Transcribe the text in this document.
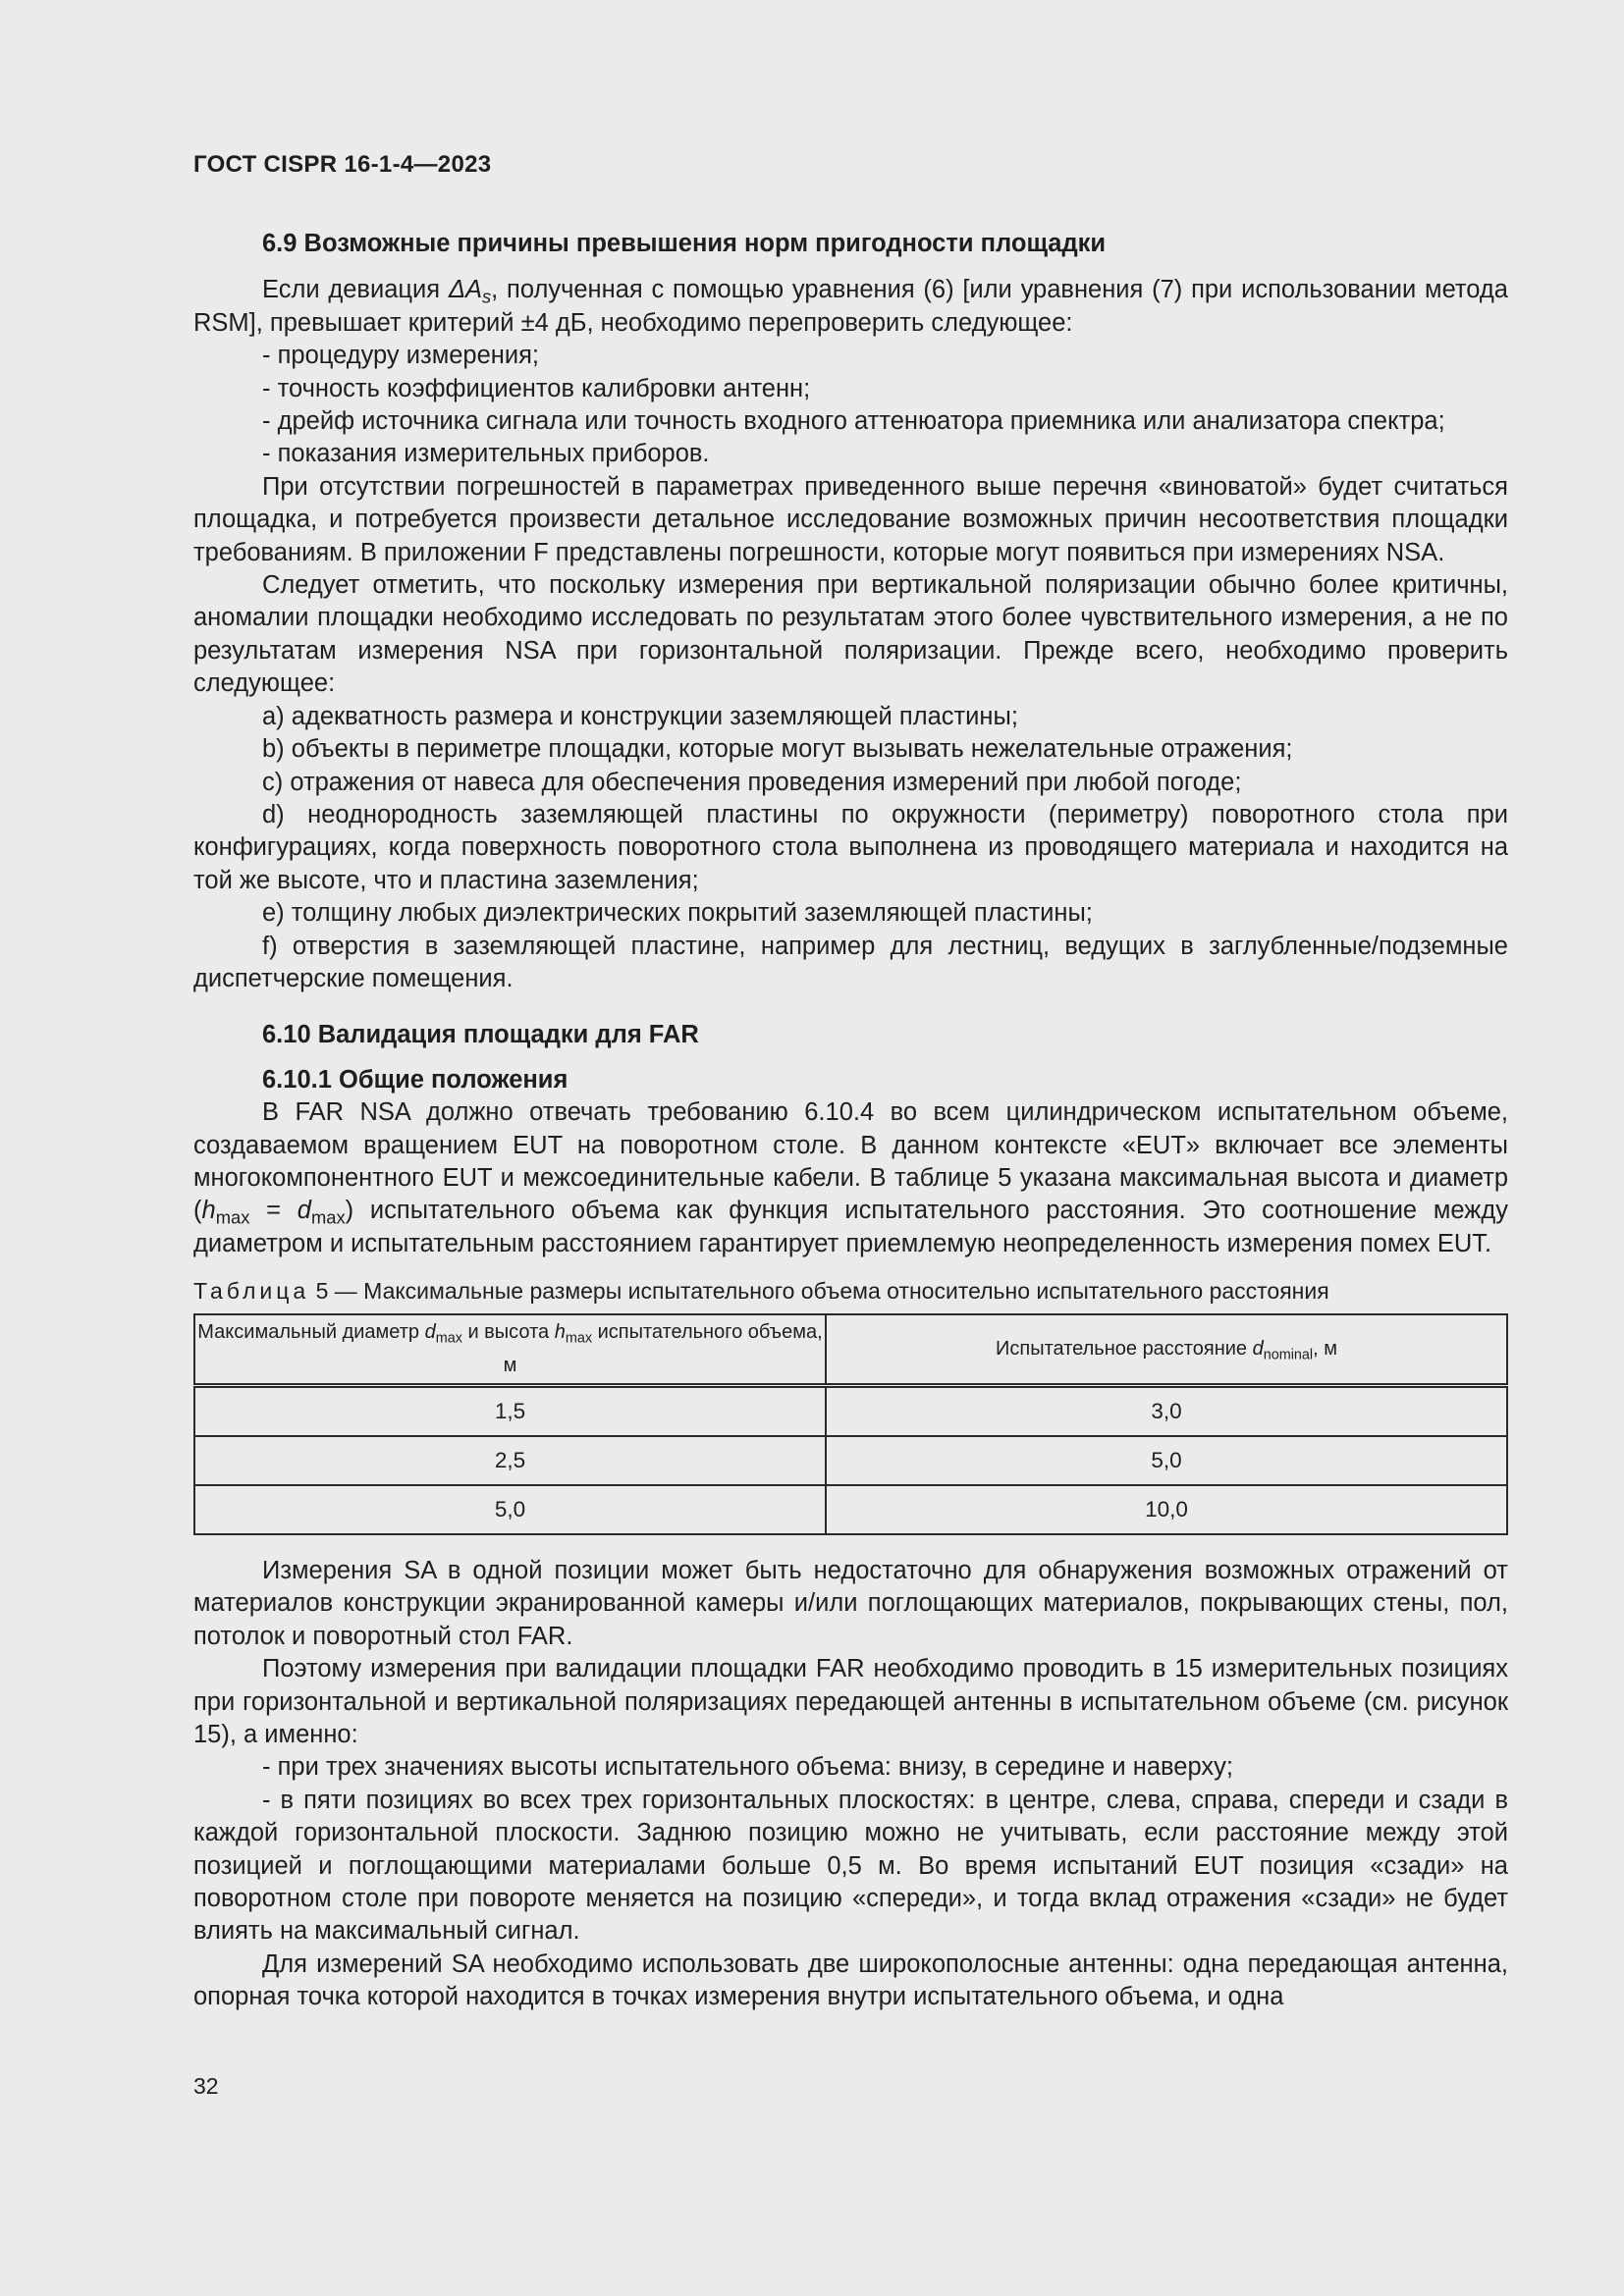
ГОСТ CISPR 16-1-4—2023
6.9 Возможные причины превышения норм пригодности площадки

Если девиация $\Delta A_s$, полученная с помощью уравнения (6) [или уравнения (7) при использовании метода RSM], превышает критерий ±4 дБ, необходимо перепроверить следующее:

- процедуру измерения;

- точность коэффициентов калибровки антенн;

- дрейф источника сигнала или точность входного аттенюатора приемника или анализатора спектра;

- показания измерительных приборов.

При отсутствии погрешностей в параметрах приведенного выше перечня «виноватой» будет считаться площадка, и потребуется произвести детальное исследование возможных причин несоответствия площадки требованиям. В приложении F представлены погрешности, которые могут появиться при измерениях NSA.

Следует отметить, что поскольку измерения при вертикальной поляризации обычно более критичны, аномалии площадки необходимо исследовать по результатам этого более чувствительного измерения, а не по результатам измерения NSA при горизонтальной поляризации. Прежде всего, необходимо проверить следующее:

a) адекватность размера и конструкции заземляющей пластины;

b) объекты в периметре площадки, которые могут вызывать нежелательные отражения;

c) отражения от навеса для обеспечения проведения измерений при любой погоде;

d) неоднородность заземляющей пластины по окружности (периметру) поворотного стола при конфигурациях, когда поверхность поворотного стола выполнена из проводящего материала и находится на той же высоте, что и пластина заземления;

e) толщину любых диэлектрических покрытий заземляющей пластины;

f) отверстия в заземляющей пластине, например для лестниц, ведущих в заглубленные/подземные диспетчерские помещения.

6.10 Валидация площадки для FAR
6.10.1 Общие положения

В FAR NSA должно отвечать требованию 6.10.4 во всем цилиндрическом испытательном объеме, создаваемом вращением EUT на поворотном столе. В данном контексте «EUT» включает все элементы многокомпонентного EUT и межсоединительные кабели. В таблице 5 указана максимальная высота и диаметр $(h_{max} = d_{max})$ испытательного объема как функция испытательного расстояния. Это соотношение между диаметром и испытательным расстоянием гарантирует приемлемую неопределенность измерения помех EUT.

Таблица 5 — Максимальные размеры испытательного объема относительно испытательного расстояния
Максимальный диаметр $d_{max}$ и высота $h_{max}$ испытательного объема, м	Испытательное расстояние $d_{nominal}$, м
1,5	3,0
2,5	5,0
5,0	10,0

Измерения SA в одной позиции может быть недостаточно для обнаружения возможных отражений от материалов конструкции экранированной камеры и/или поглощающих материалов, покрывающих стены, пол, потолок и поворотный стол FAR.

Поэтому измерения при валидации площадки FAR необходимо проводить в 15 измерительных позициях при горизонтальной и вертикальной поляризациях передающей антенны в испытательном объеме (см. рисунок 15), а именно:

- при трех значениях высоты испытательного объема: внизу, в середине и наверху;

- в пяти позициях во всех трех горизонтальных плоскостях: в центре, слева, справа, спереди и сзади в каждой горизонтальной плоскости. Заднюю позицию можно не учитывать, если расстояние между этой позицией и поглощающими материалами больше 0,5 м. Во время испытаний EUT позиция «сзади» на поворотном столе при повороте меняется на позицию «спереди», и тогда вклад отражения «сзади» не будет влиять на максимальный сигнал.

Для измерений SA необходимо использовать две широкополосные антенны: одна передающая антенна, опорная точка которой находится в точках измерения внутри испытательного объема, и одна

32
